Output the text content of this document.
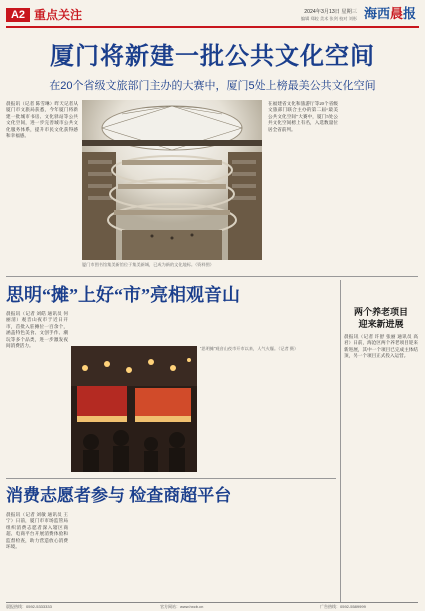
A2 重点关注	2024年3月13日 星期三
编辑 郑皎 美术 张剑 校对 刘彤 海 西 晨 报
厦门将新建一批公共文化空间
在20个省级文旅部门主办的大赛中，厦门5处上榜最美公共文化空间
晨报讯（记者 陈雪琳）昨天记者从厦门市文旅局获悉，今年厦门将新建一批城市书房、文化驿站等公共文化空间，进一步完善城市公共文化服务体系，提升市民文化获得感和幸福感。
厦门市图书馆集美新馆位于集美新城，已成为新的文化地标。（资料图）
在福建省文化和旅游厅等20个省级文旅部门联合主办的第二届“最美公共文化空间”大赛中，厦门5处公共文化空间榜上有名，入选数量位居全省前列。
思明“摊”上好“市”亮相观音山
晨报讯（记者 刘皓 通讯员 何丽清）观音山夜市于近日开市，首批入驻摊位一百余个，涵盖特色美食、文创手作、潮玩等多个品类，进一步激发夜间消费活力。
“思明摊”观音山夜市开市以来，人气火爆。（记者 摄）
消费志愿者参与 检查商超平台
晨报讯（记者 刘敏 通讯员 王宁）日前，厦门市市场监管局组织消费志愿者深入辖区商超、电商平台开展消费体验和监督检查，助力营造放心消费环境。
两个养老项目
迎来新进展
晨报讯（记者 许舒 张丽 通讯员 高君）日前，海沧区两个养老项目迎来新进展，其中一个项目已完成主体结顶，另一个项目正式投入运营。
晨报热线：0592-5333333	官方网站：www.hxcb.cn	广告热线：0592-5589999
